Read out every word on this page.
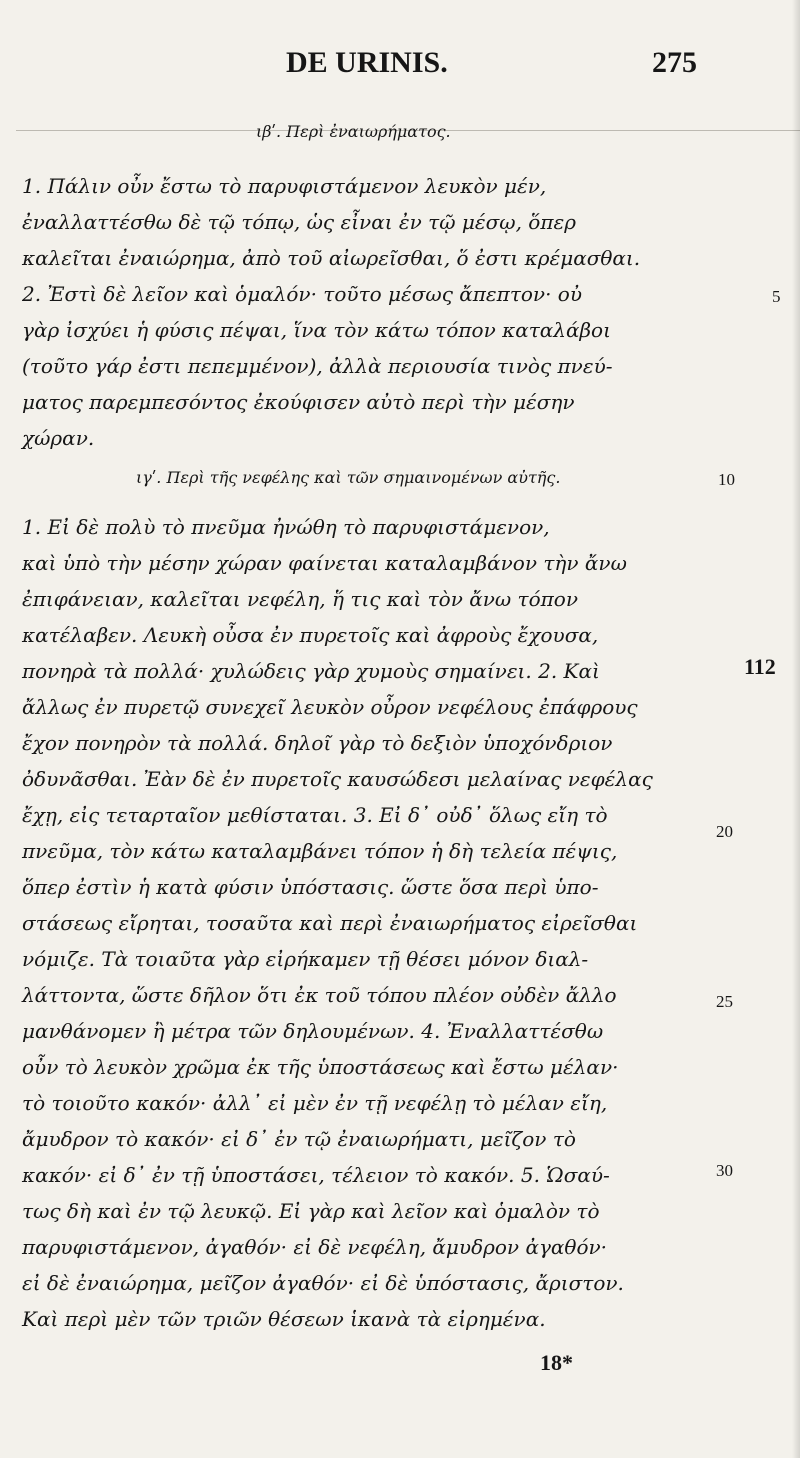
DE URINIS.	275
ιβʹ. Περὶ ἐναιωρήματος.
1. Πάλιν οὖν ἔστω τὸ παρυφιστάμενον λευκὸν μέν,
ἐναλλαττέσθω δὲ τῷ τόπῳ, ὡς εἶναι ἐν τῷ μέσῳ, ὅπερ
καλεῖται ἐναιώρημα, ἀπὸ τοῦ αἰωρεῖσθαι, ὅ ἐστι κρέμασθαι.
2. Ἐστὶ δὲ λεῖον καὶ ὁμαλόν· τοῦτο μέσως ἄπεπτον· οὐ	5
γὰρ ἰσχύει ἡ φύσις πέψαι, ἵνα τὸν κάτω τόπον καταλάβοι
(τοῦτο γάρ ἐστι πεπεμμένον), ἀλλὰ περιουσία τινὸς πνεύ-
ματος παρεμπεσόντος ἐκούφισεν αὐτὸ περὶ τὴν μέσην
χώραν.
ιγʹ. Περὶ τῆς νεφέλης καὶ τῶν σημαινομένων αὐτῆς.	10
1. Εἰ δὲ πολὺ τὸ πνεῦμα ἠνώθη τὸ παρυφιστάμενον,
καὶ ὑπὸ τὴν μέσην χώραν φαίνεται καταλαμβάνον τὴν ἄνω
ἐπιφάνειαν, καλεῖται νεφέλη, ἥ τις καὶ τὸν ἄνω τόπον
κατέλαβεν. Λευκὴ οὖσα ἐν πυρετοῖς καὶ ἀφροὺς ἔχουσα,
πονηρὰ τὰ πολλά· χυλώδεις γὰρ χυμοὺς σημαίνει. 2. Καὶ	112
ἄλλως ἐν πυρετῷ συνεχεῖ λευκὸν οὖρον νεφέλους ἐπάφρους
ἔχον πονηρὸν τὰ πολλά. δηλοῖ γὰρ τὸ δεξιὸν ὑποχόνδριον
ὀδυνᾶσθαι. Ἐὰν δὲ ἐν πυρετοῖς καυσώδεσι μελαίνας νεφέλας
ἔχῃ, εἰς τεταρταῖον μεθίσταται. 3. Εἰ δ᾽ οὐδ᾽ ὅλως εἴη τὸ
πνεῦμα, τὸν κάτω καταλαμβάνει τόπον ἡ δὴ τελεία πέψις,
20
ὅπερ ἐστὶν ἡ κατὰ φύσιν ὑπόστασις. ὥστε ὅσα περὶ ὑπο-
στάσεως εἴρηται, τοσαῦτα καὶ περὶ ἐναιωρήματος εἰρεῖσθαι
νόμιζε. Τὰ τοιαῦτα γὰρ εἰρήκαμεν τῇ θέσει μόνον διαλ-
λάττοντα, ὥστε δῆλον ὅτι ἐκ τοῦ τόπου πλέον οὐδὲν ἄλλο
μανθάνομεν ἢ μέτρα τῶν δηλουμένων. 4. Ἐναλλαττέσθω
25
οὖν τὸ λευκὸν χρῶμα ἐκ τῆς ὑποστάσεως καὶ ἔστω μέλαν·
τὸ τοιοῦτο κακόν· ἀλλ᾽ εἰ μὲν ἐν τῇ νεφέλῃ τὸ μέλαν εἴη,
ἄμυδρον τὸ κακόν· εἰ δ᾽ ἐν τῷ ἐναιωρήματι, μεῖζον τὸ
κακόν· εἰ δ᾽ ἐν τῇ ὑποστάσει, τέλειον τὸ κακόν. 5. Ὡσαύ-
τως δὴ καὶ ἐν τῷ λευκῷ. Εἰ γὰρ καὶ λεῖον καὶ ὁμαλὸν τὸ
30
παρυφιστάμενον, ἀγαθόν· εἰ δὲ νεφέλη, ἄμυδρον ἀγαθόν·
εἰ δὲ ἐναιώρημα, μεῖζον ἀγαθόν· εἰ δὲ ὑπόστασις, ἄριστον.
Καὶ περὶ μὲν τῶν τριῶν θέσεων ἱκανὰ τὰ εἰρημένα.
18*
